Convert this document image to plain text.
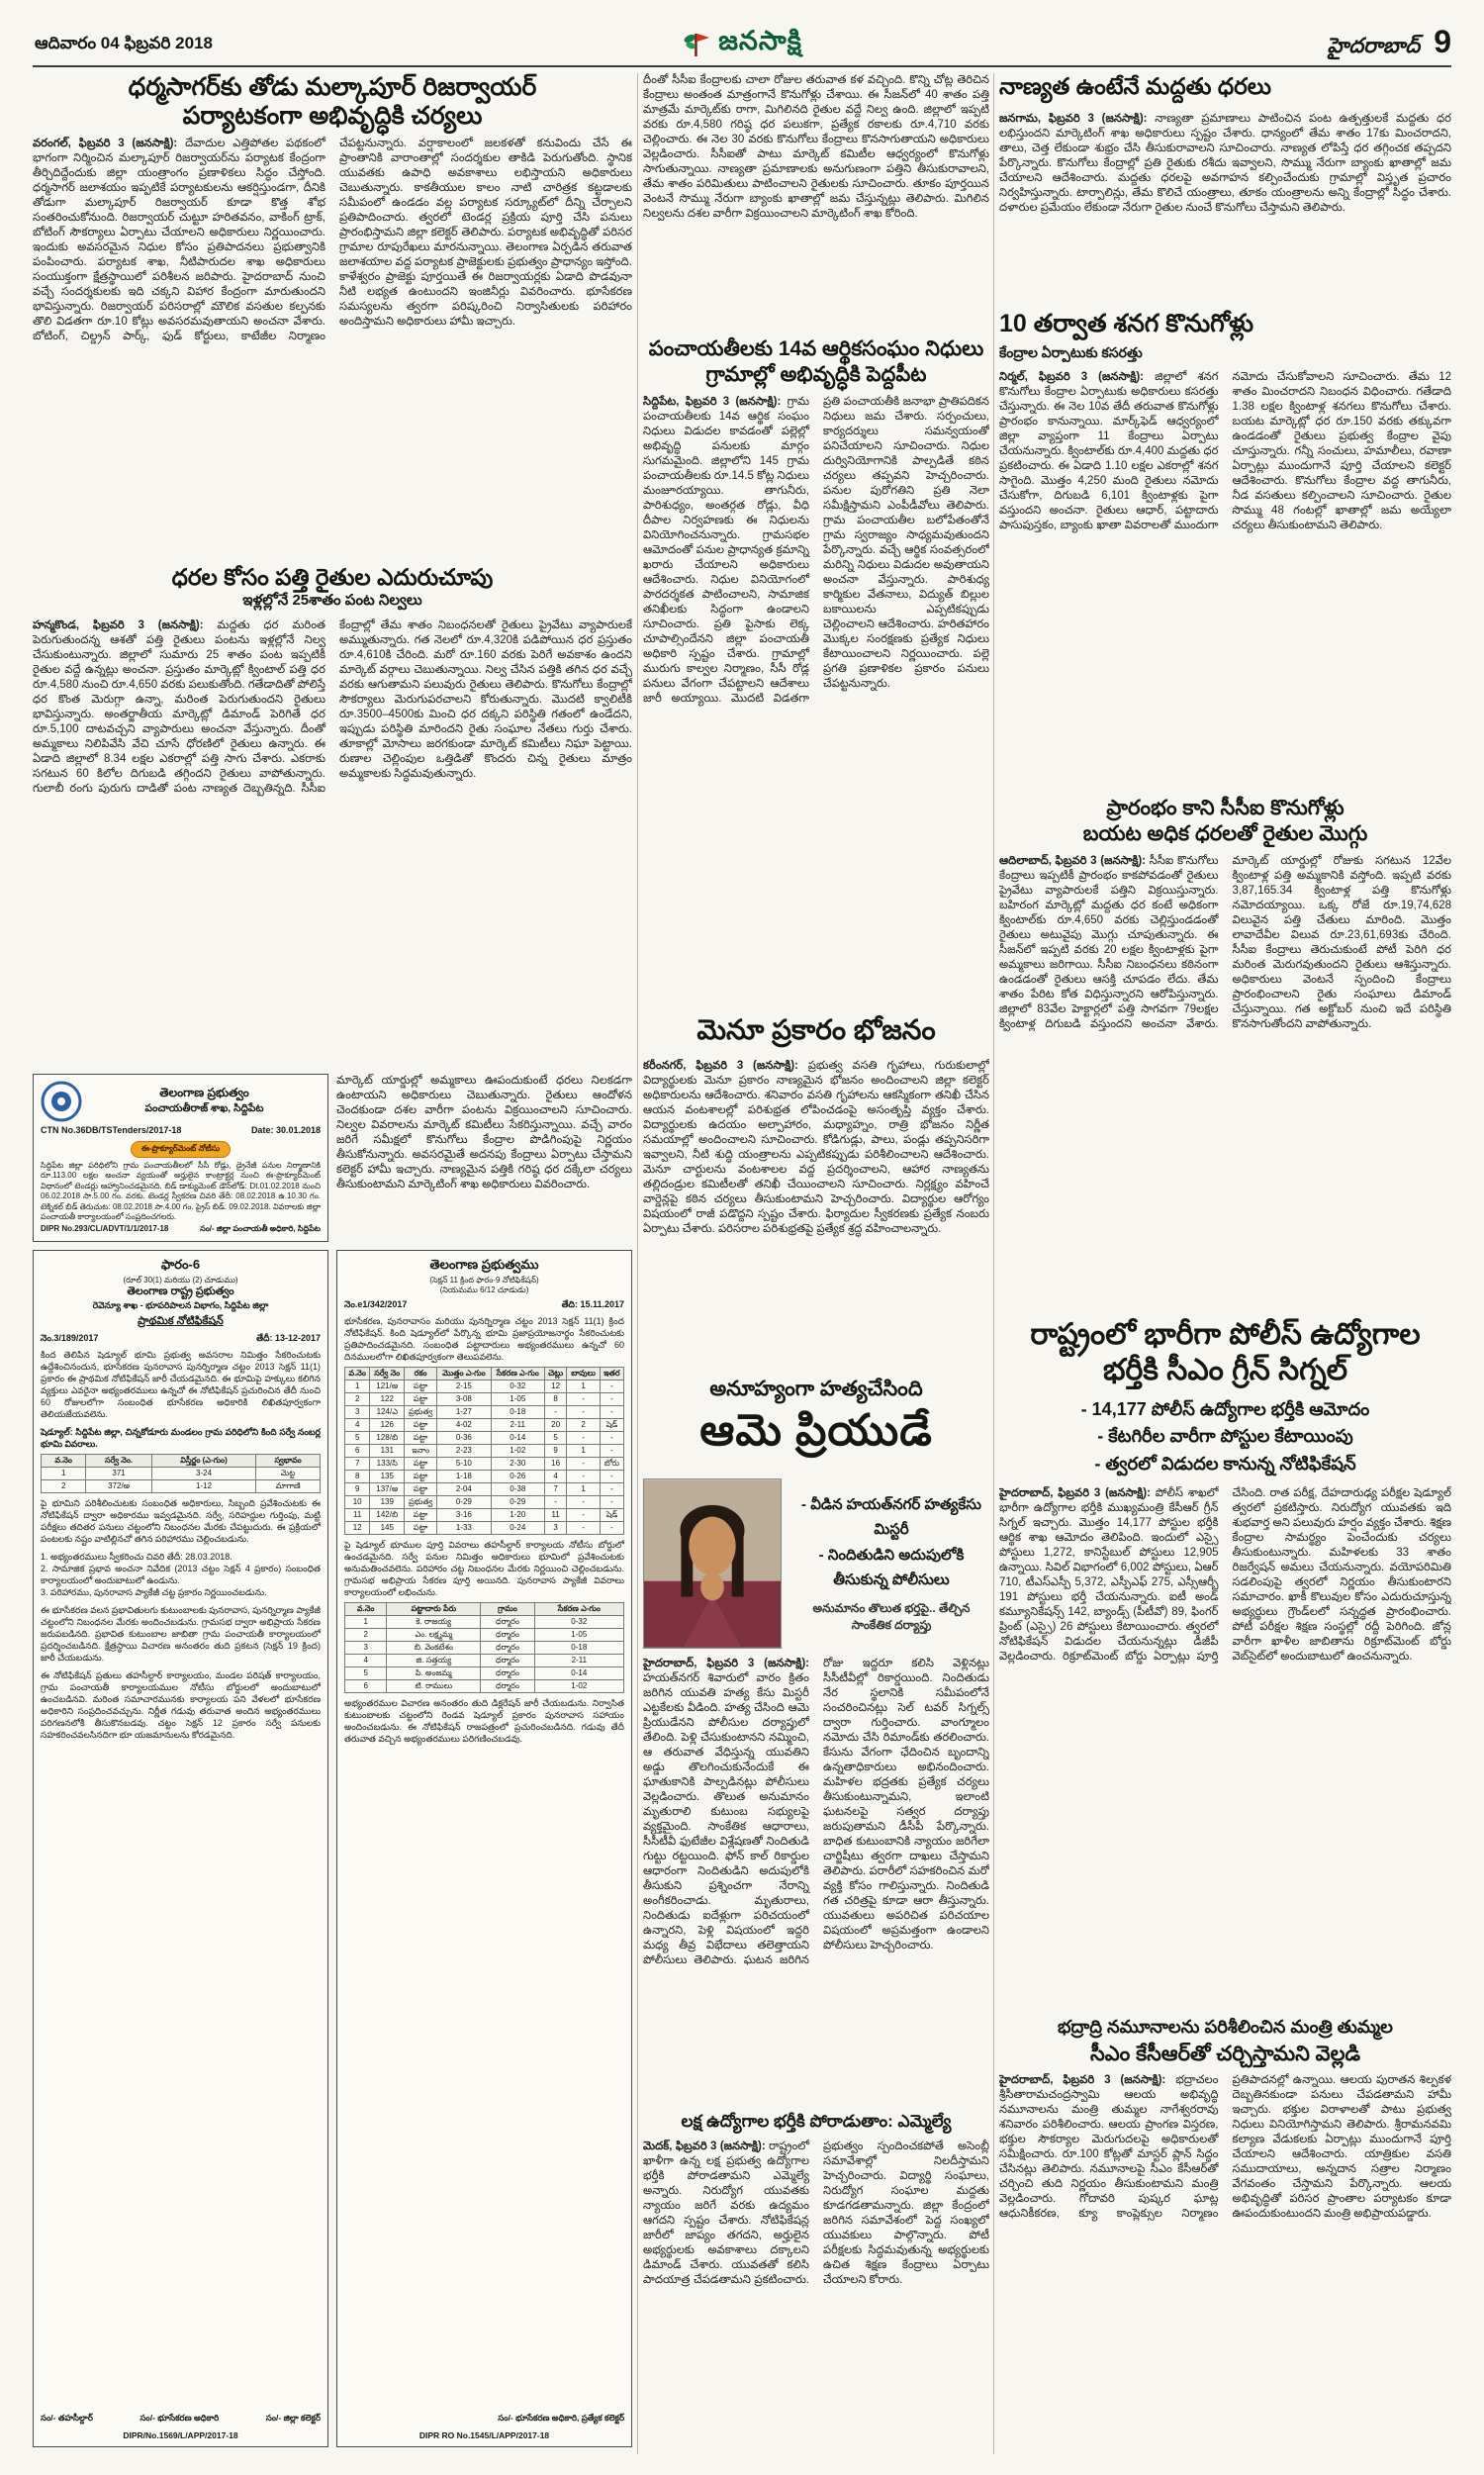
ఆదివారం 04 ఫిబ్రవరి 2018	జనసాక్షి	హైదరాబాద్ 9
ధర్మసాగర్‌కు తోడు మల్కాపూర్ రిజర్వాయర్
పర్యాటకంగా అభివృద్ధికి చర్యలు
వరంగల్, ఫిబ్రవరి 3 (జనసాక్షి): దేవాదుల ఎత్తిపోతల పథకంలో భాగంగా నిర్మించిన మల్కాపూర్ రిజర్వాయర్‌ను పర్యాటక కేంద్రంగా తీర్చిదిద్దేందుకు జిల్లా యంత్రాంగం ప్రణాళికలు సిద్ధం చేస్తోంది. ధర్మసాగర్ జలాశయం ఇప్పటికే పర్యాటకులను ఆకర్షిస్తుండగా, దీనికి తోడుగా మల్కాపూర్ రిజర్వాయర్ కూడా కొత్త శోభ సంతరించుకోనుంది. రిజర్వాయర్ చుట్టూ హరితవనం, వాకింగ్ ట్రాక్, బోటింగ్ సౌకర్యాలు ఏర్పాటు చేయాలని అధికారులు నిర్ణయించారు. ఇందుకు అవసరమైన నిధుల కోసం ప్రతిపాదనలు ప్రభుత్వానికి పంపించారు. పర్యాటక శాఖ, నీటిపారుదల శాఖ అధికారులు సంయుక్తంగా క్షేత్రస్థాయిలో పరిశీలన జరిపారు. హైదరాబాద్ నుంచి వచ్చే సందర్శకులకు ఇది చక్కని విహార కేంద్రంగా మారుతుందని భావిస్తున్నారు. రిజర్వాయర్ పరిసరాల్లో మౌలిక వసతుల కల్పనకు తొలి విడతగా రూ.10 కోట్లు అవసరమవుతాయని అంచనా వేశారు. బోటింగ్, చిల్డ్రన్ పార్క్, ఫుడ్ కోర్టులు, కాటేజీల నిర్మాణం చేపట్టనున్నారు. వర్షాకాలంలో జలకళతో కనువిందు చేసే ఈ ప్రాంతానికి వారాంతాల్లో సందర్శకుల తాకిడి పెరుగుతోంది. స్థానిక యువతకు ఉపాధి అవకాశాలు లభిస్తాయని అధికారులు చెబుతున్నారు. కాకతీయుల కాలం నాటి చారిత్రక కట్టడాలకు సమీపంలో ఉండడం వల్ల పర్యాటక సర్క్యూట్‌లో దీన్ని చేర్చాలని ప్రతిపాదించారు. త్వరలో టెండర్ల ప్రక్రియ పూర్తి చేసి పనులు ప్రారంభిస్తామని జిల్లా కలెక్టర్ తెలిపారు. పర్యాటక అభివృద్ధితో పరిసర గ్రామాల రూపురేఖలు మారనున్నాయి. తెలంగాణ ఏర్పడిన తరువాత జలాశయాల వద్ద పర్యాటక ప్రాజెక్టులకు ప్రభుత్వం ప్రాధాన్యం ఇస్తోంది. కాళేశ్వరం ప్రాజెక్టు పూర్తయితే ఈ రిజర్వాయర్లకు ఏడాది పొడవునా నీటి లభ్యత ఉంటుందని ఇంజినీర్లు వివరించారు. భూసేకరణ సమస్యలను త్వరగా పరిష్కరించి నిర్వాసితులకు పరిహారం అందిస్తామని అధికారులు హామీ ఇచ్చారు.
ధరల కోసం పత్తి రైతుల ఎదురుచూపు
ఇళ్లల్లోనే 25శాతం పంట నిల్వలు
హన్మకొండ, ఫిబ్రవరి 3 (జనసాక్షి): మద్దతు ధర మరింత పెరుగుతుందన్న ఆశతో పత్తి రైతులు పంటను ఇళ్లల్లోనే నిల్వ చేసుకుంటున్నారు. జిల్లాలో సుమారు 25 శాతం పంట ఇప్పటికీ రైతుల వద్దే ఉన్నట్లు అంచనా. ప్రస్తుతం మార్కెట్లో క్వింటాల్ పత్తి ధర రూ.4,580 నుంచి రూ.4,650 వరకు పలుకుతోంది. గతేడాదితో పోలిస్తే ధర కొంత మెరుగ్గా ఉన్నా, మరింత పెరుగుతుందని రైతులు భావిస్తున్నారు. అంతర్జాతీయ మార్కెట్లో డిమాండ్ పెరిగితే ధర రూ.5,100 దాటవచ్చని వ్యాపారులు అంచనా వేస్తున్నారు. దీంతో అమ్మకాలు నిలిపివేసి వేచి చూసే ధోరణిలో రైతులు ఉన్నారు. ఈ ఏడాది జిల్లాలో 8.34 లక్షల ఎకరాల్లో పత్తి సాగు చేశారు. ఎకరాకు సగటున 60 కిలోల దిగుబడి తగ్గిందని రైతులు వాపోతున్నారు. గులాబీ రంగు పురుగు దాడితో పంట నాణ్యత దెబ్బతిన్నది. సీసీఐ కేంద్రాల్లో తేమ శాతం నిబంధనలతో రైతులు ప్రైవేటు వ్యాపారులకే అమ్ముతున్నారు. గత నెలలో రూ.4,320కి పడిపోయిన ధర ప్రస్తుతం రూ.4,610కి చేరింది. మరో రూ.160 వరకు పెరిగే అవకాశం ఉందని మార్కెట్ వర్గాలు చెబుతున్నాయి. నిల్వ చేసిన పత్తికి తగిన ధర వచ్చే వరకు ఆగుతామని పలువురు రైతులు తెలిపారు. కొనుగోలు కేంద్రాల్లో సౌకర్యాలు మెరుగుపరచాలని కోరుతున్నారు. మొదటి క్వాలిటీకి రూ.3500–4500కు మించి ధర దక్కని పరిస్థితి గతంలో ఉండేదని, ఇప్పుడు పరిస్థితి మారిందని రైతు సంఘాల నేతలు గుర్తు చేశారు. తూకాల్లో మోసాలు జరగకుండా మార్కెట్ కమిటీలు నిఘా పెట్టాయి. రుణాల చెల్లింపుల ఒత్తిడితో కొందరు చిన్న రైతులు మాత్రం అమ్మకాలకు సిద్ధమవుతున్నారు.
తెలంగాణ ప్రభుత్వం
పంచాయతీరాజ్ శాఖ, సిద్దిపేట
CTN No.36DB/TSTenders/2017-18	Date: 30.01.2018
ఈ-ప్రొక్యూర్‌మెంట్ నోటీసు
సిద్దిపేట జిల్లా పరిధిలోని గ్రామ పంచాయతీలలో సీసీ రోడ్లు, డ్రైనేజీ పనుల నిర్మాణానికి రూ.113.00 లక్షల అంచనా వ్యయంతో అర్హులైన కాంట్రాక్టర్ల నుంచి ఈ-ప్రొక్యూర్‌మెంట్ విధానంలో టెండర్లు ఆహ్వానించడమైనది. బిడ్ డాక్యుమెంట్ డౌన్‌లోడ్: Dt.01.02.2018 నుంచి 06.02.2018 సా.5.00 గం. వరకు. టెండర్ల స్వీకరణ చివరి తేదీ: 08.02.2018 ఉ.10.30 గం. టెక్నికల్ బిడ్ తెరుచుట: 08.02.2018 సా.4.00 గం. ప్రైస్ బిడ్: 09.02.2018. వివరాలకు జిల్లా పంచాయతీ కార్యాలయంలో సంప్రదించగలరు.
DIPR No.293/CL/ADVT/1/1/2017-18	సం/- జిల్లా పంచాయతీ అధికారి, సిద్దిపేట
మార్కెట్ యార్డుల్లో అమ్మకాలు ఊపందుకుంటే ధరలు నిలకడగా ఉంటాయని అధికారులు చెబుతున్నారు. రైతులు ఆందోళన చెందకుండా దశల వారీగా పంటను విక్రయించాలని సూచించారు. నిల్వల వివరాలను మార్కెట్ కమిటీలు సేకరిస్తున్నాయి. వచ్చే వారం జరిగే సమీక్షలో కొనుగోలు కేంద్రాల పొడిగింపుపై నిర్ణయం తీసుకోనున్నారు. అవసరమైతే అదనపు కేంద్రాలు ఏర్పాటు చేస్తామని కలెక్టర్ హామీ ఇచ్చారు. నాణ్యమైన పత్తికి గరిష్ఠ ధర దక్కేలా చర్యలు తీసుకుంటామని మార్కెటింగ్ శాఖ అధికారులు వివరించారు.
ఫారం-6
(రూల్ 30(1) మరియు (2) చూడుము)
తెలంగాణ రాష్ట్ర ప్రభుత్వం
రెవెన్యూ శాఖ - భూపరిపాలన విభాగం, సిద్దిపేట జిల్లా
ప్రాథమిక నోటిఫికేషన్
నెం.3/189/2017	తేదీ: 13-12-2017
కింద తెలిపిన షెడ్యూల్ భూమి ప్రభుత్వ అవసరాల నిమిత్తం సేకరించుటకు ఉద్దేశించినందున, భూసేకరణ పునరావాస పునర్నిర్మాణ చట్టం 2013 సెక్షన్ 11(1) ప్రకారం ఈ ప్రాథమిక నోటిఫికేషన్ జారీ చేయడమైనది. ఈ భూమిపై హక్కులు కలిగిన వ్యక్తులు ఎవరైనా అభ్యంతరములు ఉన్నచో ఈ నోటిఫికేషన్ ప్రచురించిన తేదీ నుంచి 60 రోజులలోగా సంబంధిత భూసేకరణ అధికారికి లిఖితపూర్వకంగా తెలియజేయవలెను.
షెడ్యూల్: సిద్దిపేట జిల్లా, చిన్నకోడూరు మండలం గ్రామ పరిధిలోని కింది సర్వే నంబర్ల భూమి వివరాలు.
వ.నెం	సర్వే నెం.	విస్తీర్ణం (ఎ-గుం)	స్వభావం
1	371	3-24	మెట్ట
2	372/అ	1-12	మాగాణి
పై భూమిని పరిశీలించుటకు సంబంధిత అధికారులు, సిబ్బంది ప్రవేశించుటకు ఈ నోటిఫికేషన్ ద్వారా అధికారము ఇవ్వడమైనది. సర్వే, సరిహద్దుల గుర్తింపు, మట్టి పరీక్షలు తదితర పనులు చట్టంలోని నిబంధనల మేరకు చేపట్టుదురు. ఈ ప్రక్రియలో పంటలకు నష్టం వాటిల్లినచో తగిన పరిహారము చెల్లించబడును.
1. అభ్యంతరములు స్వీకరించు చివరి తేదీ: 28.03.2018.
2. సామాజిక ప్రభావ అంచనా నివేదిక (2013 చట్టం సెక్షన్ 4 ప్రకారం) సంబంధిత కార్యాలయంలో అందుబాటులో ఉండును.
3. పరిహారము, పునరావాస ప్యాకేజీ చట్ట ప్రకారం నిర్ణయించబడును.
ఈ భూసేకరణ వలన ప్రభావితులగు కుటుంబాలకు పునరావాస, పునర్నిర్మాణ ప్యాకేజీ చట్టంలోని నిబంధనల మేరకు అందించబడును. గ్రామసభ ద్వారా అభిప్రాయ సేకరణ జరుపబడినది. ప్రభావిత కుటుంబాల జాబితా గ్రామ పంచాయతీ కార్యాలయంలో ప్రదర్శించబడినది. క్షేత్రస్థాయి విచారణ అనంతరం తుది ప్రకటన (సెక్షన్ 19 క్రింద) జారీ చేయబడును.
ఈ నోటిఫికేషన్ ప్రతులు తహసీల్దార్ కార్యాలయం, మండల పరిషత్ కార్యాలయం, గ్రామ పంచాయతీ కార్యాలయముల నోటీసు బోర్డులలో అందుబాటులో ఉంచబడినవి. మరింత సమాచారమునకు కార్యాలయ పని వేళలలో భూసేకరణ అధికారిని సంప్రదించవచ్చును. నిర్ణీత గడువు తరువాత అందిన అభ్యంతరములు పరిగణనలోకి తీసుకొనబడవు. చట్టం సెక్షన్ 12 ప్రకారం సర్వే పనులకు సహకరించవలసినదిగా భూ యజమానులను కోరడమైనది.
సం/- తహసీల్దార్	సం/- భూసేకరణ అధికారి	సం/- జిల్లా కలెక్టర్
DIPR/No.1569/L/APP/2017-18
తెలంగాణ ప్రభుత్వము
(సెక్షన్ 11 క్రింద ఫారం-9 నోటిఫికేషన్)
(నియమము 6/12 చూడుడు)
నెం.e1/342/2017	తేది: 15.11.2017
భూసేకరణ, పునరావాసం మరియు పునర్నిర్మాణ చట్టం 2013 సెక్షన్ 11(1) క్రింద నోటిఫికేషన్. కింది షెడ్యూల్‌లో పేర్కొన్న భూమి ప్రజాప్రయోజనార్థం సేకరించుటకు ప్రతిపాదించడమైనది. సంబంధిత పట్టాదారులు అభ్యంతరములు ఉన్నచో 60 దినములలోగా లిఖితపూర్వకంగా తెలుపవలెను.
వ.నెం	సర్వే నెం	రకం	మొత్తం ఎ-గుం	సేకరణ ఎ-గుం	చెట్లు	బావులు	ఇతర
1	121/అ	పట్టా	2-15	0-32	12	1	-
2	122	పట్టా	3-08	1-05	8	-	-
3	124/ఎ	ప్రభుత్వ	1-27	0-18	-	-	-
4	126	పట్టా	4-02	2-11	20	2	షెడ్
5	128/బి	పట్టా	0-36	0-14	5	-	-
6	131	ఇనాం	2-23	1-02	9	1	-
7	133/సి	పట్టా	5-10	2-30	16	-	బోరు
8	135	పట్టా	1-18	0-26	4	-	-
9	137/అ	పట్టా	2-04	0-38	7	1	-
10	139	ప్రభుత్వ	0-29	0-29	-	-	-
11	142/బి	పట్టా	3-16	1-20	11	-	షెడ్
12	145	పట్టా	1-33	0-24	3	-	-
పై షెడ్యూల్ భూముల పూర్తి వివరాలు తహసీల్దార్ కార్యాలయ నోటీసు బోర్డులో ఉంచడమైనది. సర్వే పనుల నిమిత్తం అధికారులు భూమిలో ప్రవేశించుటకు అనుమతించవలెను. పరిహారం చట్ట నిబంధనల మేరకు నిర్ణయించి చెల్లించబడును. గ్రామసభ అభిప్రాయ సేకరణ పూర్తి అయినది. పునరావాస ప్యాకేజీ వివరాలు కార్యాలయంలో లభించును.
వ.నెం	పట్టాదారు పేరు	గ్రామం	సేకరణ ఎ-గుం
1	కె. రాజయ్య	ధర్మారం	0-32
2	ఎం. లక్ష్మమ్మ	ధర్మారం	1-05
3	బి. వెంకటేశం	ధర్మారం	0-18
4	జి. సత్తయ్య	ధర్మారం	2-11
5	పి. అంజమ్మ	ధర్మారం	0-14
6	టి. రాములు	ధర్మారం	1-02
అభ్యంతరముల విచారణ అనంతరం తుది డిక్లరేషన్ జారీ చేయబడును. నిర్వాసిత కుటుంబాలకు చట్టంలోని రెండవ షెడ్యూల్ ప్రకారం పునరావాస సహాయం అందించబడును. ఈ నోటిఫికేషన్ రాజపత్రంలో ప్రచురించబడినది. గడువు తేదీ తరువాత వచ్చిన అభ్యంతరములు పరిగణించబడవు.
సం/- భూసేకరణ అధికారి, ప్రత్యేక కలెక్టర్
DIPR RO No.1545/L/APP/2017-18
దీంతో సీసీఐ కేంద్రాలకు చాలా రోజుల తరువాత కళ వచ్చింది. కొన్ని చోట్ల తెరిచిన కేంద్రాలు అంతంత మాత్రంగానే కొనుగోళ్లు చేశాయి. ఈ సీజన్‌లో 40 శాతం పత్తి మాత్రమే మార్కెట్‌కు రాగా, మిగిలినది రైతుల వద్దే నిల్వ ఉంది. జిల్లాలో ఇప్పటి వరకు రూ.4,580 గరిష్ఠ ధర పలుకగా, ప్రత్యేక రకాలకు రూ.4,710 వరకు చెల్లించారు. ఈ నెల 30 వరకు కొనుగోలు కేంద్రాలు కొనసాగుతాయని అధికారులు వెల్లడించారు. సీసీఐతో పాటు మార్కెట్ కమిటీల ఆధ్వర్యంలో కొనుగోళ్లు సాగుతున్నాయి. నాణ్యతా ప్రమాణాలకు అనుగుణంగా పత్తిని తీసుకురావాలని, తేమ శాతం పరిమితులు పాటించాలని రైతులకు సూచించారు. తూకం పూర్తయిన వెంటనే సొమ్ము నేరుగా బ్యాంకు ఖాతాల్లో జమ చేస్తున్నట్లు తెలిపారు. మిగిలిన నిల్వలను దశల వారీగా విక్రయించాలని మార్కెటింగ్ శాఖ కోరింది.
పంచాయతీలకు 14వ ఆర్థికసంఘం నిధులు
గ్రామాల్లో అభివృద్ధికి పెద్దపీట
సిద్దిపేట, ఫిబ్రవరి 3 (జనసాక్షి): గ్రామ పంచాయతీలకు 14వ ఆర్థిక సంఘం నిధులు విడుదల కావడంతో పల్లెల్లో అభివృద్ధి పనులకు మార్గం సుగమమైంది. జిల్లాలోని 145 గ్రామ పంచాయతీలకు రూ.14.5 కోట్ల నిధులు మంజూరయ్యాయి. తాగునీరు, పారిశుధ్యం, అంతర్గత రోడ్లు, వీధి దీపాల నిర్వహణకు ఈ నిధులను వినియోగించనున్నారు. గ్రామసభల ఆమోదంతో పనుల ప్రాధాన్యత క్రమాన్ని ఖరారు చేయాలని అధికారులు ఆదేశించారు. నిధుల వినియోగంలో పారదర్శకత పాటించాలని, సామాజిక తనిఖీలకు సిద్ధంగా ఉండాలని సూచించారు. ప్రతి పైసాకు లెక్క చూపాల్సిందేనని జిల్లా పంచాయతీ అధికారి స్పష్టం చేశారు. గ్రామాల్లో మురుగు కాల్వల నిర్మాణం, సీసీ రోడ్ల పనులు వేగంగా చేపట్టాలని ఆదేశాలు జారీ అయ్యాయి. మొదటి విడతగా ప్రతి పంచాయతీకి జనాభా ప్రాతిపదికన నిధులు జమ చేశారు. సర్పంచులు, కార్యదర్శులు సమన్వయంతో పనిచేయాలని సూచించారు. నిధుల దుర్వినియోగానికి పాల్పడితే కఠిన చర్యలు తప్పవని హెచ్చరించారు. పనుల పురోగతిని ప్రతి నెలా సమీక్షిస్తామని ఎంపీడీవోలు తెలిపారు. గ్రామ పంచాయతీల బలోపేతంతోనే గ్రామ స్వరాజ్యం సాధ్యమవుతుందని పేర్కొన్నారు. వచ్చే ఆర్థిక సంవత్సరంలో మరిన్ని నిధులు విడుదల అవుతాయని అంచనా వేస్తున్నారు. పారిశుధ్య కార్మికుల వేతనాలు, విద్యుత్ బిల్లుల బకాయిలను ఎప్పటికప్పుడు చెల్లించాలని ఆదేశించారు. హరితహారం మొక్కల సంరక్షణకు ప్రత్యేక నిధులు కేటాయించాలని నిర్ణయించారు. పల్లె ప్రగతి ప్రణాళికల ప్రకారం పనులు చేపట్టనున్నారు.
మెనూ ప్రకారం భోజనం
కరీంనగర్, ఫిబ్రవరి 3 (జనసాక్షి): ప్రభుత్వ వసతి గృహాలు, గురుకులాల్లో విద్యార్థులకు మెనూ ప్రకారం నాణ్యమైన భోజనం అందించాలని జిల్లా కలెక్టర్ అధికారులను ఆదేశించారు. శనివారం వసతి గృహాలను ఆకస్మికంగా తనిఖీ చేసిన ఆయన వంటశాలల్లో పరిశుభ్రత లోపించడంపై అసంతృప్తి వ్యక్తం చేశారు. విద్యార్థులకు ఉదయం అల్పాహారం, మధ్యాహ్నం, రాత్రి భోజనం నిర్ణీత సమయాల్లో అందించాలని సూచించారు. కోడిగుడ్లు, పాలు, పండ్లు తప్పనిసరిగా ఇవ్వాలని, నీటి శుద్ధి యంత్రాలను ఎప్పటికప్పుడు పరిశీలించాలని ఆదేశించారు. మెనూ చార్టులను వంటశాలల వద్ద ప్రదర్శించాలని, ఆహార నాణ్యతను తల్లిదండ్రుల కమిటీలతో తనిఖీ చేయించాలని సూచించారు. నిర్లక్ష్యం వహించే వార్డెన్లపై కఠిన చర్యలు తీసుకుంటామని హెచ్చరించారు. విద్యార్థుల ఆరోగ్యం విషయంలో రాజీ పడొద్దని స్పష్టం చేశారు. ఫిర్యాదుల స్వీకరణకు ప్రత్యేక నంబరు ఏర్పాటు చేశారు. పరిసరాల పరిశుభ్రతపై ప్రత్యేక శ్రద్ధ వహించాలన్నారు.
అనూహ్యంగా హత్యచేసింది
ఆమె ప్రియుడే
- వీడిన హయత్‌నగర్ హత్యకేసు మిస్టరీ
- నిందితుడిని అదుపులోకి తీసుకున్న పోలీసులు
అనుమానం తొలుత భర్తపై.. తేల్చిన సాంకేతిక దర్యాప్తు
హైదరాబాద్, ఫిబ్రవరి 3 (జనసాక్షి): హయత్‌నగర్ శివారులో వారం క్రితం జరిగిన యువతి హత్య కేసు మిస్టరీ ఎట్టకేలకు వీడింది. హత్య చేసింది ఆమె ప్రియుడేనని పోలీసుల దర్యాప్తులో తేలింది. పెళ్లి చేసుకుంటానని నమ్మించి, ఆ తరువాత వేధిస్తున్న యువతిని అడ్డు తొలగించుకునేందుకే ఈ ఘాతుకానికి పాల్పడినట్లు పోలీసులు వెల్లడించారు. తొలుత అనుమానం మృతురాలి కుటుంబ సభ్యులపై వ్యక్తమైంది. సాంకేతిక ఆధారాలు, సీసీటీవీ ఫుటేజీల విశ్లేషణతో నిందితుడి గుట్టు రట్టయింది. ఫోన్ కాల్ రికార్డుల ఆధారంగా నిందితుడిని అదుపులోకి తీసుకుని ప్రశ్నించగా నేరాన్ని అంగీకరించాడు. మృతురాలు, నిందితుడు ఐదేళ్లుగా పరిచయంలో ఉన్నారని, పెళ్లి విషయంలో ఇద్దరి మధ్య తీవ్ర విభేదాలు తలెత్తాయని పోలీసులు తెలిపారు. ఘటన జరిగిన రోజు ఇద్దరూ కలిసి వెళ్లినట్లు సీసీటీవీల్లో రికార్డయింది. నిందితుడు నేర స్థలానికి సమీపంలోనే సంచరించినట్లు సెల్ టవర్ సిగ్నల్స్ ద్వారా గుర్తించారు. వాంగ్మూలం నమోదు చేసి రిమాండ్‌కు తరలించారు. కేసును వేగంగా ఛేదించిన బృందాన్ని ఉన్నతాధికారులు అభినందించారు. మహిళల భద్రతకు ప్రత్యేక చర్యలు తీసుకుంటున్నామని, ఇలాంటి ఘటనలపై సత్వర దర్యాప్తు జరుపుతామని డీసీపీ పేర్కొన్నారు. బాధిత కుటుంబానికి న్యాయం జరిగేలా చార్జిషీటు త్వరగా దాఖలు చేస్తామని తెలిపారు. పరారీలో సహకరించిన మరో వ్యక్తి కోసం గాలిస్తున్నారు. నిందితుడి గత చరిత్రపై కూడా ఆరా తీస్తున్నారు. యువతులు అపరిచిత పరిచయాల విషయంలో అప్రమత్తంగా ఉండాలని పోలీసులు హెచ్చరించారు.
లక్ష ఉద్యోగాల భర్తీకి పోరాడుతాం: ఎమ్మెల్యే
మెదక్, ఫిబ్రవరి 3 (జనసాక్షి): రాష్ట్రంలో ఖాళీగా ఉన్న లక్ష ప్రభుత్వ ఉద్యోగాల భర్తీకి పోరాడతామని ఎమ్మెల్యే అన్నారు. నిరుద్యోగ యువతకు న్యాయం జరిగే వరకు ఉద్యమం ఆగదని స్పష్టం చేశారు. నోటిఫికేషన్ల జారీలో జాప్యం తగదని, అర్హులైన అభ్యర్థులకు అవకాశాలు దక్కాలని డిమాండ్ చేశారు. యువతతో కలిసి పాదయాత్ర చేపడతామని ప్రకటించారు. ప్రభుత్వం స్పందించకపోతే అసెంబ్లీ సమావేశాల్లో నిలదీస్తామని హెచ్చరించారు. విద్యార్థి సంఘాలు, నిరుద్యోగ సంఘాల మద్దతు కూడగడతామన్నారు. జిల్లా కేంద్రంలో జరిగిన సమావేశంలో పెద్ద సంఖ్యలో యువకులు పాల్గొన్నారు. పోటీ పరీక్షలకు సిద్ధమవుతున్న అభ్యర్థులకు ఉచిత శిక్షణ కేంద్రాలు ఏర్పాటు చేయాలని కోరారు.
నాణ్యత ఉంటేనే మద్దతు ధరలు
జనగామ, ఫిబ్రవరి 3 (జనసాక్షి): నాణ్యతా ప్రమాణాలు పాటించిన పంట ఉత్పత్తులకే మద్దతు ధర లభిస్తుందని మార్కెటింగ్ శాఖ అధికారులు స్పష్టం చేశారు. ధాన్యంలో తేమ శాతం 17కు మించరాదని, తాలు, చెత్త లేకుండా శుభ్రం చేసి తీసుకురావాలని సూచించారు. నాణ్యత లోపిస్తే ధర తగ్గించక తప్పదని పేర్కొన్నారు. కొనుగోలు కేంద్రాల్లో ప్రతి రైతుకు రశీదు ఇవ్వాలని, సొమ్ము నేరుగా బ్యాంకు ఖాతాల్లో జమ చేయాలని ఆదేశించారు. మద్దతు ధరలపై అవగాహన కల్పించేందుకు గ్రామాల్లో విస్తృత ప్రచారం నిర్వహిస్తున్నారు. టార్పాలిన్లు, తేమ కొలిచే యంత్రాలు, తూకం యంత్రాలను అన్ని కేంద్రాల్లో సిద్ధం చేశారు. దళారుల ప్రమేయం లేకుండా నేరుగా రైతుల నుంచే కొనుగోలు చేస్తామని తెలిపారు.
10 తర్వాత శనగ కొనుగోళ్లు
కేంద్రాల ఏర్పాటుకు కసరత్తు
నిర్మల్, ఫిబ్రవరి 3 (జనసాక్షి): జిల్లాలో శనగ కొనుగోలు కేంద్రాల ఏర్పాటుకు అధికారులు కసరత్తు చేస్తున్నారు. ఈ నెల 10వ తేదీ తరువాత కొనుగోళ్లు ప్రారంభం కానున్నాయి. మార్క్‌ఫెడ్ ఆధ్వర్యంలో జిల్లా వ్యాప్తంగా 11 కేంద్రాలు ఏర్పాటు చేయనున్నారు. క్వింటాల్‌కు రూ.4,400 మద్దతు ధర ప్రకటించారు. ఈ ఏడాది 1.10 లక్షల ఎకరాల్లో శనగ సాగైంది. మొత్తం 4,250 మంది రైతులు నమోదు చేసుకోగా, దిగుబడి 6,101 క్వింటాళ్లకు పైగా వస్తుందని అంచనా. రైతులు ఆధార్, పట్టాదారు పాసుపుస్తకం, బ్యాంకు ఖాతా వివరాలతో ముందుగా నమోదు చేసుకోవాలని సూచించారు. తేమ 12 శాతం మించరాదని నిబంధన విధించారు. గతేడాది 1.38 లక్షల క్వింటాళ్ల శనగలు కొనుగోలు చేశారు. బయట మార్కెట్లో ధర రూ.150 వరకు తక్కువగా ఉండడంతో రైతులు ప్రభుత్వ కేంద్రాల వైపు చూస్తున్నారు. గన్నీ సంచులు, హమాలీలు, రవాణా ఏర్పాట్లు ముందుగానే పూర్తి చేయాలని కలెక్టర్ ఆదేశించారు. కొనుగోలు కేంద్రాల వద్ద తాగునీరు, నీడ వసతులు కల్పించాలని సూచించారు. రైతుల సొమ్ము 48 గంటల్లో ఖాతాల్లో జమ అయ్యేలా చర్యలు తీసుకుంటామని తెలిపారు.
ప్రారంభం కాని సీసీఐ కొనుగోళ్లు
బయట అధిక ధరలతో రైతుల మొగ్గు
ఆదిలాబాద్, ఫిబ్రవరి 3 (జనసాక్షి): సీసీఐ కొనుగోలు కేంద్రాలు ఇప్పటికీ ప్రారంభం కాకపోవడంతో రైతులు ప్రైవేటు వ్యాపారులకే పత్తిని విక్రయిస్తున్నారు. బహిరంగ మార్కెట్లో మద్దతు ధర కంటే అధికంగా క్వింటాల్‌కు రూ.4,650 వరకు చెల్లిస్తుండడంతో రైతులు అటువైపు మొగ్గు చూపుతున్నారు. ఈ సీజన్‌లో ఇప్పటి వరకు 20 లక్షల క్వింటాళ్లకు పైగా అమ్మకాలు జరిగాయి. సీసీఐ నిబంధనలు కఠినంగా ఉండడంతో రైతులు ఆసక్తి చూపడం లేదు. తేమ శాతం పేరిట కోత విధిస్తున్నారని ఆరోపిస్తున్నారు. జిల్లాలో 83వేల హెక్టార్లలో పత్తి సాగవగా 79లక్షల క్వింటాళ్ల దిగుబడి వస్తుందని అంచనా వేశారు. మార్కెట్ యార్డుల్లో రోజుకు సగటున 12వేల క్వింటాళ్ల పత్తి అమ్మకానికి వస్తోంది. ఇప్పటి వరకు 3,87,165.34 క్వింటాళ్ల పత్తి కొనుగోళ్లు నమోదయ్యాయి. ఒక్క రోజే రూ.19,74,628 విలువైన పత్తి చేతులు మారింది. మొత్తం లావాదేవీల విలువ రూ.23,61,693కు చేరింది. సీసీఐ కేంద్రాలు తెరుచుకుంటే పోటీ పెరిగి ధర మరింత మెరుగవుతుందని రైతులు ఆశిస్తున్నారు. అధికారులు వెంటనే స్పందించి కేంద్రాలు ప్రారంభించాలని రైతు సంఘాలు డిమాండ్ చేస్తున్నాయి. గత అక్టోబర్ నుంచి ఇదే పరిస్థితి కొనసాగుతోందని వాపోతున్నారు.
రాష్ట్రంలో భారీగా పోలీస్ ఉద్యోగాల
భర్తీకి సీఎం గ్రీన్ సిగ్నల్
- 14,177 పోలీస్ ఉద్యోగాల భర్తీకి ఆమోదం
- కేటగిరీల వారీగా పోస్టుల కేటాయింపు
- త్వరలో విడుదల కానున్న నోటిఫికేషన్
హైదరాబాద్, ఫిబ్రవరి 3 (జనసాక్షి): పోలీస్ శాఖలో భారీగా ఉద్యోగాల భర్తీకి ముఖ్యమంత్రి కేసీఆర్ గ్రీన్ సిగ్నల్ ఇచ్చారు. మొత్తం 14,177 పోస్టుల భర్తీకి ఆర్థిక శాఖ ఆమోదం తెలిపింది. ఇందులో ఎస్సై పోస్టులు 1,272, కానిస్టేబుల్ పోస్టులు 12,905 ఉన్నాయి. సివిల్ విభాగంలో 6,002 పోస్టులు, ఏఆర్ 710, టీఎస్ఎస్పీ 5,372, ఎస్పీఎఫ్ 275, ఎస్సీఆర్బీ 191 పోస్టులు భర్తీ చేయనున్నారు. ఐటీ అండ్ కమ్యూనికేషన్స్ 142, బ్యాండ్స్ (పీటీవో) 89, ఫింగర్ ప్రింట్ (ఎస్సై) 26 పోస్టులు కేటాయించారు. త్వరలో నోటిఫికేషన్ విడుదల చేయనున్నట్లు డీజీపీ వెల్లడించారు. రిక్రూట్‌మెంట్ బోర్డు ఏర్పాట్లు పూర్తి చేసింది. రాత పరీక్ష, దేహదారుఢ్య పరీక్షల షెడ్యూల్ త్వరలో ప్రకటిస్తారు. నిరుద్యోగ యువతకు ఇది శుభవార్త అని పలువురు హర్షం వ్యక్తం చేశారు. శిక్షణ కేంద్రాల సామర్థ్యం పెంచేందుకు చర్యలు తీసుకుంటున్నారు. మహిళలకు 33 శాతం రిజర్వేషన్ అమలు చేయనున్నారు. వయోపరిమితి సడలింపుపై త్వరలో నిర్ణయం తీసుకుంటారని సమాచారం. ఖాకీ కొలువుల కోసం ఎదురుచూస్తున్న అభ్యర్థులు గ్రౌండ్‌లలో సన్నద్ధత ప్రారంభించారు. పోటీ పరీక్షల శిక్షణ సంస్థల్లో రద్దీ పెరిగింది. జోన్ల వారీగా ఖాళీల జాబితాను రిక్రూట్‌మెంట్ బోర్డు వెబ్‌సైట్‌లో అందుబాటులో ఉంచనున్నారు.
భద్రాద్రి నమూనాలను పరిశీలించిన మంత్రి తుమ్మల
సీఎం కేసీఆర్‌తో చర్చిస్తామని వెల్లడి
హైదరాబాద్, ఫిబ్రవరి 3 (జనసాక్షి): భద్రాచలం శ్రీసీతారామచంద్రస్వామి ఆలయ అభివృద్ధి నమూనాలను మంత్రి తుమ్మల నాగేశ్వరరావు శనివారం పరిశీలించారు. ఆలయ ప్రాంగణ విస్తరణ, భక్తుల సౌకర్యాల మెరుగుదలపై అధికారులతో సమీక్షించారు. రూ.100 కోట్లతో మాస్టర్ ప్లాన్ సిద్ధం చేసినట్లు తెలిపారు. నమూనాలపై సీఎం కేసీఆర్‌తో చర్చించి తుది నిర్ణయం తీసుకుంటామని మంత్రి వెల్లడించారు. గోదావరి పుష్కర ఘాట్ల ఆధునికీకరణ, క్యూ కాంప్లెక్సుల నిర్మాణం ప్రతిపాదనల్లో ఉన్నాయి. ఆలయ పురాతన శిల్పకళ దెబ్బతినకుండా పనులు చేపడతామని హామీ ఇచ్చారు. భక్తుల విరాళాలతో పాటు ప్రభుత్వ నిధులు వినియోగిస్తామని తెలిపారు. శ్రీరామనవమి కల్యాణ వేడుకలకు ఏర్పాట్లు ముందుగానే పూర్తి చేయాలని ఆదేశించారు. యాత్రికుల వసతి సముదాయాలు, అన్నదాన సత్రాల నిర్మాణం వేగవంతం చేస్తామని పేర్కొన్నారు. ఆలయ అభివృద్ధితో పరిసర ప్రాంతాల పర్యాటకం కూడా ఊపందుకుంటుందని మంత్రి అభిప్రాయపడ్డారు.
